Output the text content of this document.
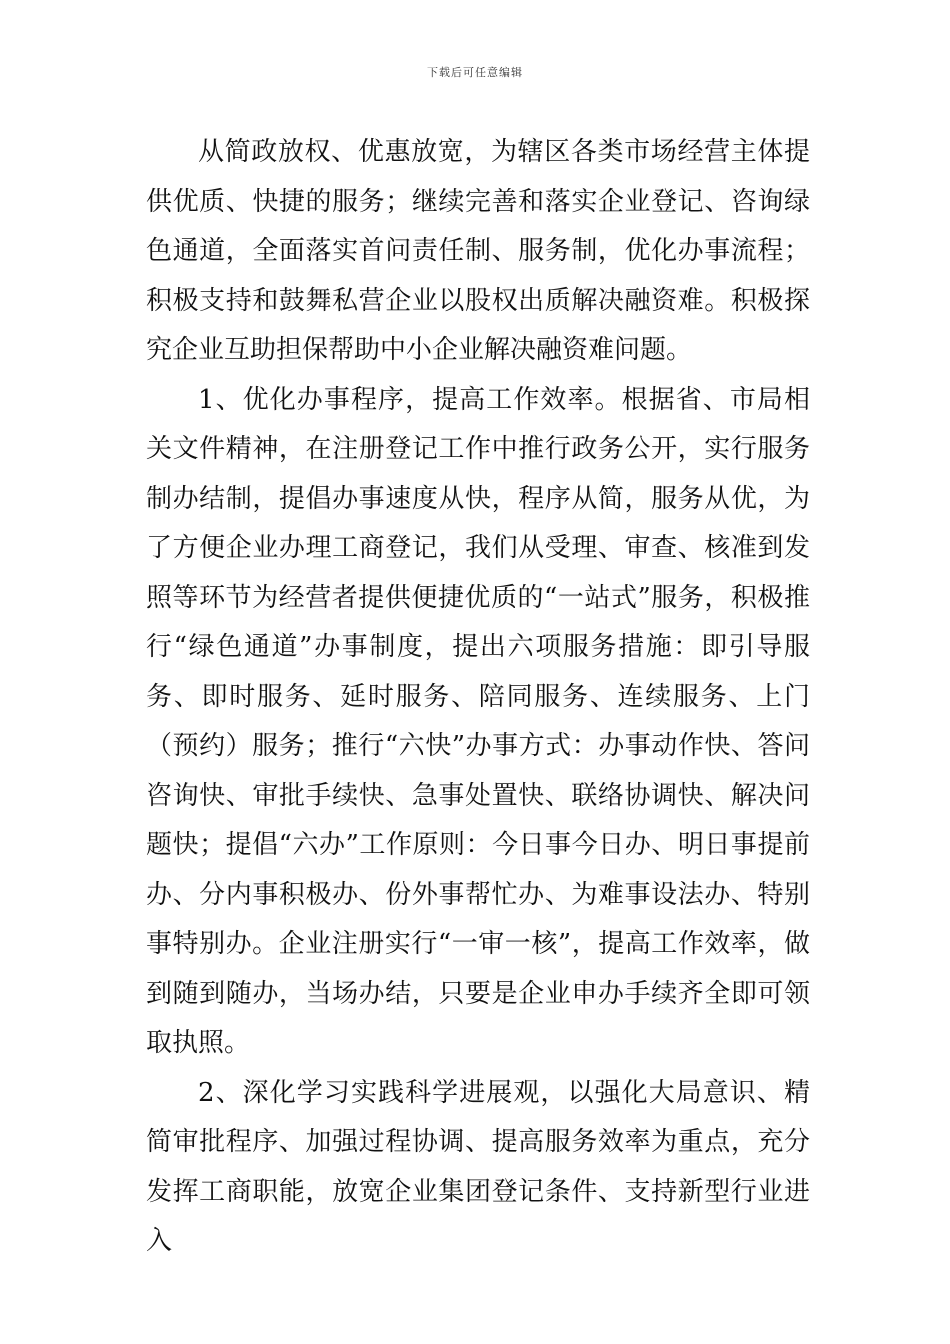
下载后可任意编辑

从简政放权、优惠放宽，为辖区各类市场经营主体提供优质、快捷的服务；继续完善和落实企业登记、咨询绿色通道，全面落实首问责任制、服务制，优化办事流程；积极支持和鼓舞私营企业以股权出质解决融资难。积极探究企业互助担保帮助中小企业解决融资难问题。

1、优化办事程序，提高工作效率。根据省、市局相关文件精神，在注册登记工作中推行政务公开，实行服务制办结制，提倡办事速度从快，程序从简，服务从优，为了方便企业办理工商登记，我们从受理、审查、核准到发照等环节为经营者提供便捷优质的“一站式”服务，积极推行“绿色通道”办事制度，提出六项服务措施：即引导服务、即时服务、延时服务、陪同服务、连续服务、上门（预约）服务；推行“六快”办事方式：办事动作快、答问咨询快、审批手续快、急事处置快、联络协调快、解决问题快；提倡“六办”工作原则：今日事今日办、明日事提前办、分内事积极办、份外事帮忙办、为难事设法办、特别事特别办。企业注册实行“一审一核”，提高工作效率，做到随到随办，当场办结，只要是企业申办手续齐全即可领取执照。

2、深化学习实践科学进展观，以强化大局意识、精简审批程序、加强过程协调、提高服务效率为重点，充分发挥工商职能，放宽企业集团登记条件、支持新型行业进入
